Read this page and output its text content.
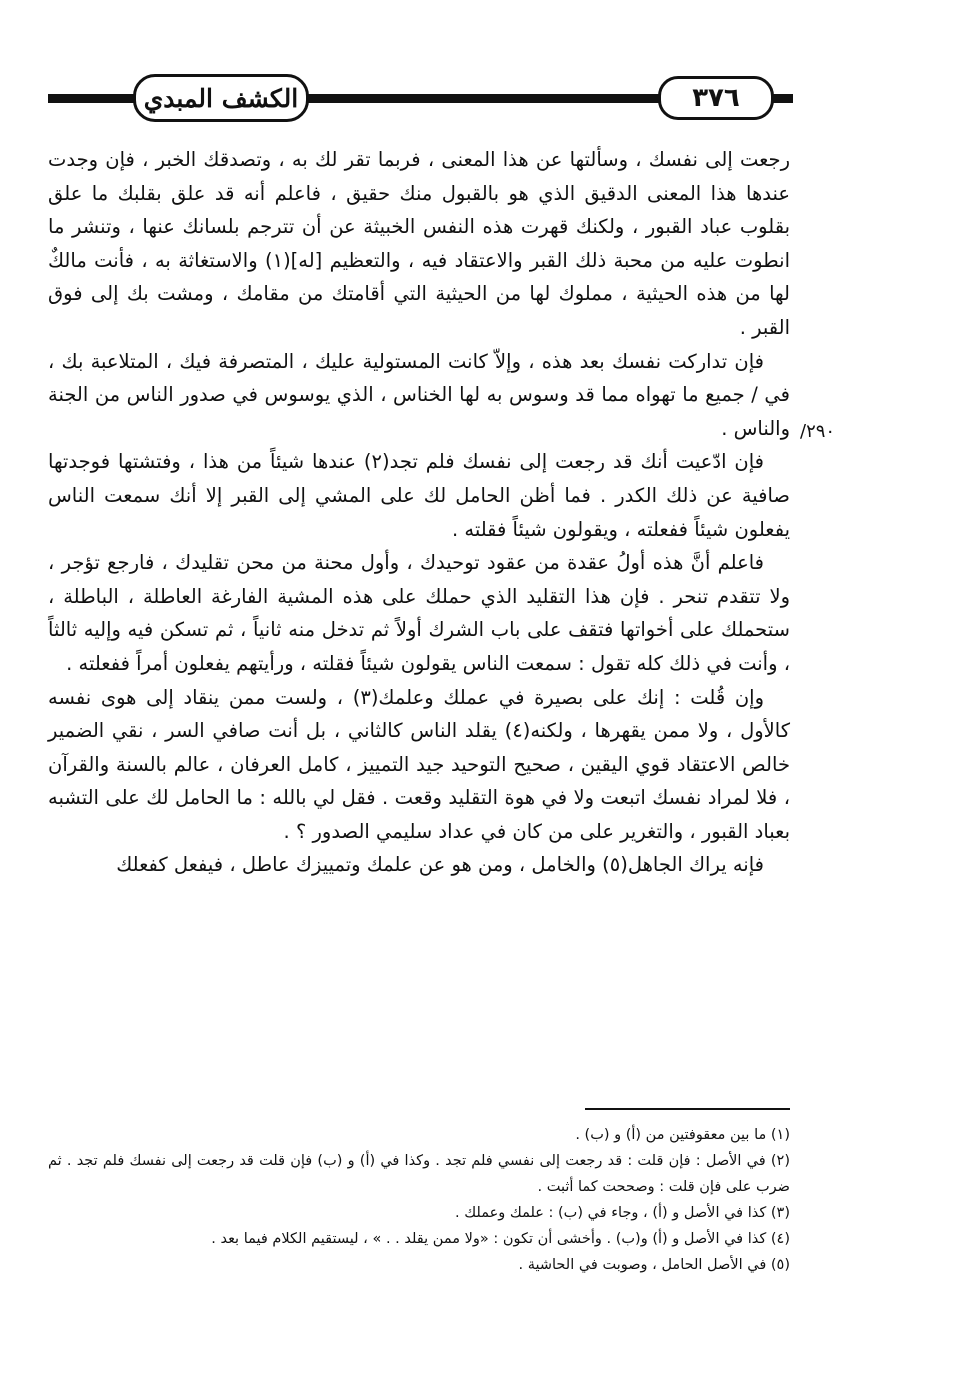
الكشف المبدي	٣٧٦
/٢٩٠

رجعت إلى نفسك ، وسألتها عن هذا المعنى ، فربما تقر لك به ، وتصدقك الخبر ، فإن وجدت عندها هذا المعنى الدقيق الذي هو بالقبول منك حقيق ، فاعلم أنه قد علق بقلبك ما علق بقلوب عباد القبور ، ولكنك قهرت هذه النفس الخبيثة عن أن تترجم بلسانك عنها ، وتنشر ما انطوت عليه من محبة ذلك القبر والاعتقاد فيه ، والتعظيم [له](١) والاستغاثة به ، فأنت مالكٌ لها من هذه الحيثية ، مملوك لها من الحيثية التي أقامتك من مقامك ، ومشت بك إلى فوق القبر .

فإن تداركت نفسك بعد هذه ، وإلاّ كانت المستولية عليك ، المتصرفة فيك ، المتلاعبة بك ، في / جميع ما تهواه مما قد وسوس به لها الخناس ، الذي يوسوس في صدور الناس من الجنة والناس .

فإن ادّعيت أنك قد رجعت إلى نفسك فلم تجد(٢) عندها شيئاً من هذا ، وفتشتها فوجدتها صافية عن ذلك الكدر . فما أظن الحامل لك على المشي إلى القبر إلا أنك سمعت الناس يفعلون شيئاً ففعلته ، ويقولون شيئاً فقلته .

فاعلم أنَّ هذه أولُ عقدة من عقود توحيدك ، وأول محنة من محن تقليدك ، فارجع تؤجر ، ولا تتقدم تنحر . فإن هذا التقليد الذي حملك على هذه المشية الفارغة العاطلة ، الباطلة ، ستحملك على أخواتها فتقف على باب الشرك أولاً ثم تدخل منه ثانياً ، ثم تسكن فيه وإليه ثالثاً ، وأنت في ذلك كله تقول : سمعت الناس يقولون شيئاً فقلته ، ورأيتهم يفعلون أمراً ففعلته .

وإن قُلت : إنك على بصيرة في عملك وعلمك(٣) ، ولست ممن ينقاد إلى هوى نفسه كالأول ، ولا ممن يقهرها ، ولكنه(٤) يقلد الناس كالثاني ، بل أنت صافي السر ، نقي الضمير خالص الاعتقاد قوي اليقين ، صحيح التوحيد جيد التمييز ، كامل العرفان ، عالم بالسنة والقرآن ، فلا لمراد نفسك اتبعت ولا في هوة التقليد وقعت . فقل لي بالله : ما الحامل لك على التشبه بعباد القبور ، والتغرير على من كان في عداد سليمي الصدور ؟ .

فإنه يراك الجاهل(٥) والخامل ، ومن هو عن علمك وتمييزك عاطل ، فيفعل كفعلك

(١) ما بين معقوفتين من (أ) و (ب) .
(٢) في الأصل : فإن قلت : قد رجعت إلى نفسي فلم تجد . وكذا في (أ) و (ب) فإن قلت قد رجعت إلى نفسك فلم تجد . ثم ضرب على فإن قلت : وصححت كما أثبت .
(٣) كذا في الأصل و (أ) ، وجاء في (ب) : علمك وعملك .
(٤) كذا في الأصل و (أ) و(ب) . وأخشى أن تكون : «ولا ممن يقلد . . » ، ليستقيم الكلام فيما بعد .
(٥) في الأصل الحامل ، وصوبت في الحاشية .
